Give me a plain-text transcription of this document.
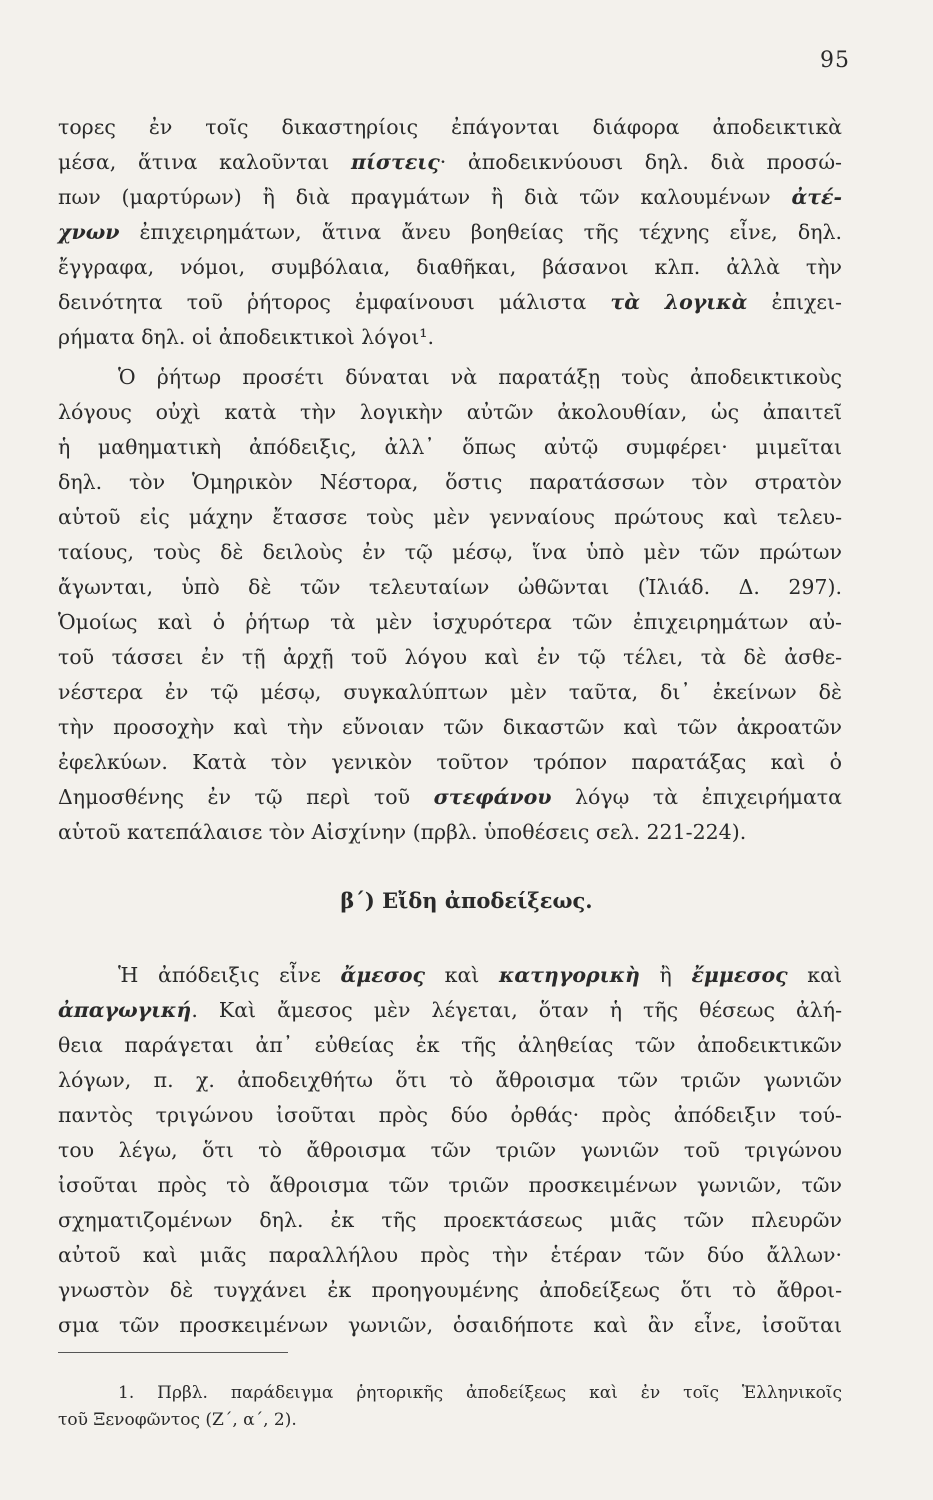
95
τορες ἐν τοῖς δικαστηρίοις ἐπάγονται διάφορα ἀποδεικτικὰ
μέσα, ἅτινα καλοῦνται πίστεις· ἀποδεικνύουσι δηλ. διὰ προσώ-
πων (μαρτύρων) ἢ διὰ πραγμάτων ἢ διὰ τῶν καλουμένων ἀτέ-
χνων ἐπιχειρημάτων, ἅτινα ἄνευ βοηθείας τῆς τέχνης εἶνε, δηλ.
ἔγγραφα, νόμοι, συμβόλαια, διαθῆκαι, βάσανοι κλπ. ἀλλὰ τὴν
δεινότητα τοῦ ῥήτορος ἐμφαίνουσι μάλιστα τὰ λογικὰ ἐπιχει-
ρήματα δηλ. οἱ ἀποδεικτικοὶ λόγοι¹.
Ὁ ῥήτωρ προσέτι δύναται νὰ παρατάξῃ τοὺς ἀποδεικτικοὺς
λόγους οὐχὶ κατὰ τὴν λογικὴν αὐτῶν ἀκολουθίαν, ὡς ἀπαιτεῖ
ἡ μαθηματικὴ ἀπόδειξις, ἀλλ᾽ ὅπως αὐτῷ συμφέρει· μιμεῖται
δηλ. τὸν Ὁμηρικὸν Νέστορα, ὅστις παρατάσσων τὸν στρατὸν
αὑτοῦ εἰς μάχην ἔτασσε τοὺς μὲν γενναίους πρώτους καὶ τελευ-
ταίους, τοὺς δὲ δειλοὺς ἐν τῷ μέσῳ, ἵνα ὑπὸ μὲν τῶν πρώτων
ἄγωνται, ὑπὸ δὲ τῶν τελευταίων ὠθῶνται (Ἰλιάδ. Δ. 297).
Ὁμοίως καὶ ὁ ῥήτωρ τὰ μὲν ἰσχυρότερα τῶν ἐπιχειρημάτων αὐ-
τοῦ τάσσει ἐν τῇ ἀρχῇ τοῦ λόγου καὶ ἐν τῷ τέλει, τὰ δὲ ἀσθε-
νέστερα ἐν τῷ μέσῳ, συγκαλύπτων μὲν ταῦτα, δι᾽ ἐκείνων δὲ
τὴν προσοχὴν καὶ τὴν εὔνοιαν τῶν δικαστῶν καὶ τῶν ἀκροατῶν
ἐφελκύων. Κατὰ τὸν γενικὸν τοῦτον τρόπον παρατάξας καὶ ὁ
Δημοσθένης ἐν τῷ περὶ τοῦ στεφάνου λόγῳ τὰ ἐπιχειρήματα
αὑτοῦ κατεπάλαισε τὸν Αἰσχίνην (πρβλ. ὑποθέσεις σελ. 221-224).
β´) Εἴδη ἀποδείξεως.
Ἡ ἀπόδειξις εἶνε ἄμεσος καὶ κατηγορικὴ ἢ ἔμμεσος καὶ
ἀπαγωγική. Καὶ ἄμεσος μὲν λέγεται, ὅταν ἡ τῆς θέσεως ἀλή-
θεια παράγεται ἀπ᾽ εὐθείας ἐκ τῆς ἀληθείας τῶν ἀποδεικτικῶν
λόγων, π. χ. ἀποδειχθήτω ὅτι τὸ ἄθροισμα τῶν τριῶν γωνιῶν
παντὸς τριγώνου ἰσοῦται πρὸς δύο ὀρθάς· πρὸς ἀπόδειξιν τού-
του λέγω, ὅτι τὸ ἄθροισμα τῶν τριῶν γωνιῶν τοῦ τριγώνου
ἰσοῦται πρὸς τὸ ἄθροισμα τῶν τριῶν προσκειμένων γωνιῶν, τῶν
σχηματιζομένων δηλ. ἐκ τῆς προεκτάσεως μιᾶς τῶν πλευρῶν
αὐτοῦ καὶ μιᾶς παραλλήλου πρὸς τὴν ἑτέραν τῶν δύο ἄλλων·
γνωστὸν δὲ τυγχάνει ἐκ προηγουμένης ἀποδείξεως ὅτι τὸ ἄθροι-
σμα τῶν προσκειμένων γωνιῶν, ὁσαιδήποτε καὶ ἂν εἶνε, ἰσοῦται
1. Πρβλ. παράδειγμα ῥητορικῆς ἀποδείξεως καὶ ἐν τοῖς Ἑλληνικοῖς
τοῦ Ξενοφῶντος (Ζ´, α´, 2).
